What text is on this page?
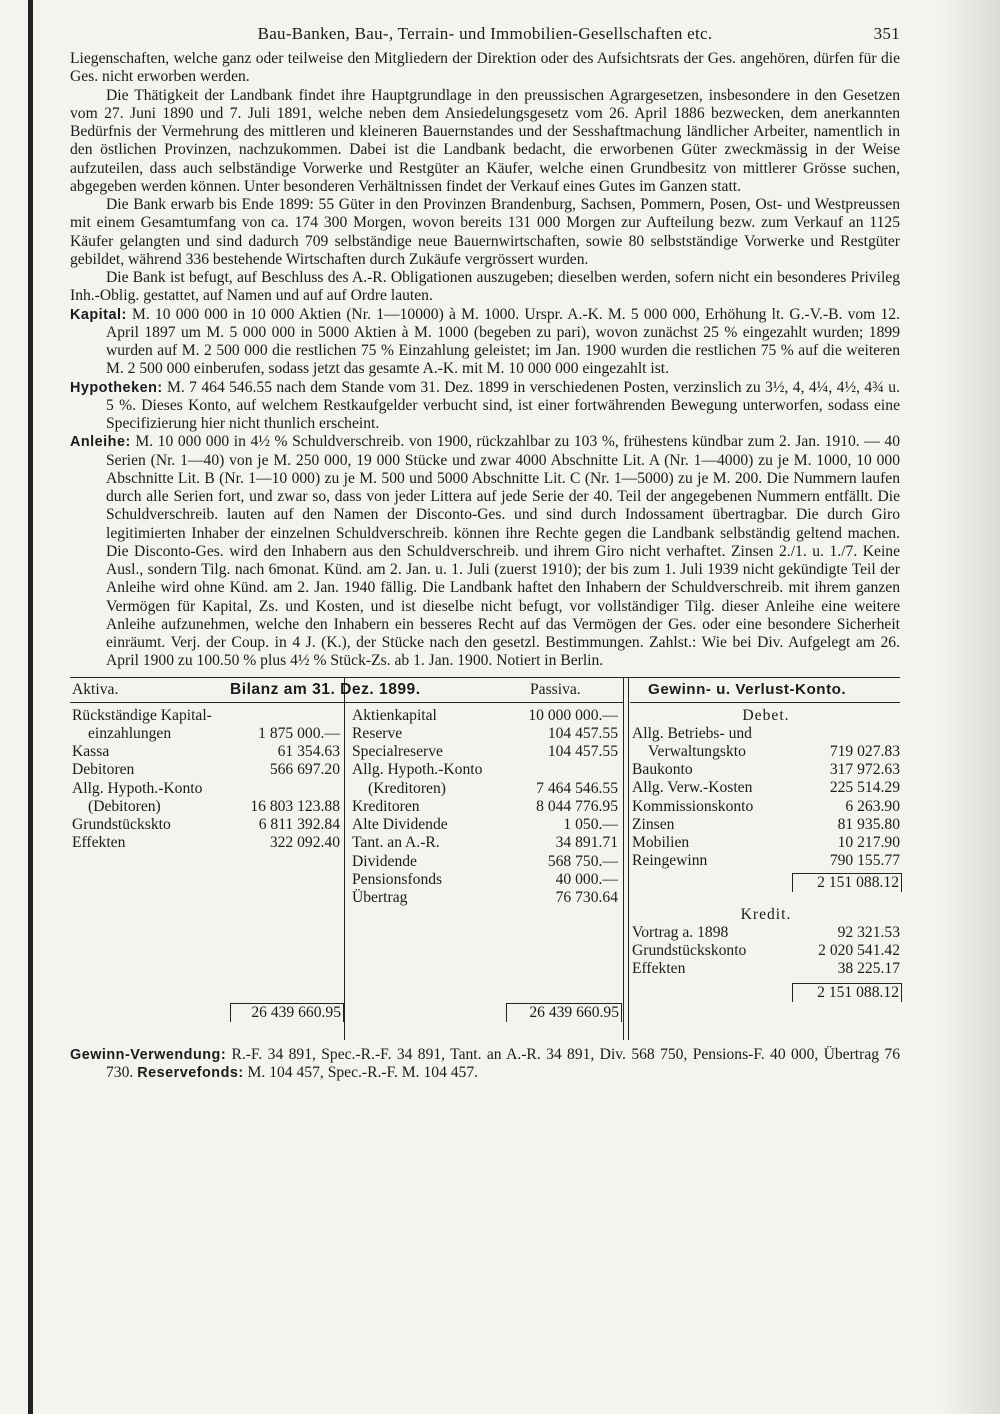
Bau-Banken, Bau-, Terrain- und Immobilien-Gesellschaften etc.	351

Liegenschaften, welche ganz oder teilweise den Mitgliedern der Direktion oder des Aufsichtsrats der Ges. angehören, dürfen für die Ges. nicht erworben werden.

Die Thätigkeit der Landbank findet ihre Hauptgrundlage in den preussischen Agrargesetzen, insbesondere in den Gesetzen vom 27. Juni 1890 und 7. Juli 1891, welche neben dem Ansiedelungsgesetz vom 26. April 1886 bezwecken, dem anerkannten Bedürfnis der Vermehrung des mittleren und kleineren Bauernstandes und der Sesshaftmachung ländlicher Arbeiter, namentlich in den östlichen Provinzen, nachzukommen. Dabei ist die Landbank bedacht, die erworbenen Güter zweckmässig in der Weise aufzuteilen, dass auch selbständige Vorwerke und Restgüter an Käufer, welche einen Grundbesitz von mittlerer Grösse suchen, abgegeben werden können. Unter besonderen Verhältnissen findet der Verkauf eines Gutes im Ganzen statt.

Die Bank erwarb bis Ende 1899: 55 Güter in den Provinzen Brandenburg, Sachsen, Pommern, Posen, Ost- und Westpreussen mit einem Gesamtumfang von ca. 174 300 Morgen, wovon bereits 131 000 Morgen zur Aufteilung bezw. zum Verkauf an 1125 Käufer gelangten und sind dadurch 709 selbständige neue Bauernwirtschaften, sowie 80 selbstständige Vorwerke und Restgüter gebildet, während 336 bestehende Wirtschaften durch Zukäufe vergrössert wurden.

Die Bank ist befugt, auf Beschluss des A.-R. Obligationen auszugeben; dieselben werden, sofern nicht ein besonderes Privileg Inh.-Oblig. gestattet, auf Namen und auf auf Ordre lauten.

Kapital: M. 10 000 000 in 10 000 Aktien (Nr. 1—10000) à M. 1000. Urspr. A.-K. M. 5 000 000, Erhöhung lt. G.-V.-B. vom 12. April 1897 um M. 5 000 000 in 5000 Aktien à M. 1000 (begeben zu pari), wovon zunächst 25 % eingezahlt wurden; 1899 wurden auf M. 2 500 000 die restlichen 75 % Einzahlung geleistet; im Jan. 1900 wurden die restlichen 75 % auf die weiteren M. 2 500 000 einberufen, sodass jetzt das gesamte A.-K. mit M. 10 000 000 eingezahlt ist.

Hypotheken: M. 7 464 546.55 nach dem Stande vom 31. Dez. 1899 in verschiedenen Posten, verzinslich zu 3½, 4, 4¼, 4½, 4¾ u. 5 %. Dieses Konto, auf welchem Restkaufgelder verbucht sind, ist einer fortwährenden Bewegung unterworfen, sodass eine Specifizierung hier nicht thunlich erscheint.

Anleihe: M. 10 000 000 in 4½ % Schuldverschreib. von 1900, rückzahlbar zu 103 %, frühestens kündbar zum 2. Jan. 1910. — 40 Serien (Nr. 1—40) von je M. 250 000, 19 000 Stücke und zwar 4000 Abschnitte Lit. A (Nr. 1—4000) zu je M. 1000, 10 000 Abschnitte Lit. B (Nr. 1—10 000) zu je M. 500 und 5000 Abschnitte Lit. C (Nr. 1—5000) zu je M. 200. Die Nummern laufen durch alle Serien fort, und zwar so, dass von jeder Littera auf jede Serie der 40. Teil der angegebenen Nummern entfällt. Die Schuldverschreib. lauten auf den Namen der Disconto-Ges. und sind durch Indossament übertragbar. Die durch Giro legitimierten Inhaber der einzelnen Schuldverschreib. können ihre Rechte gegen die Landbank selbständig geltend machen. Die Disconto-Ges. wird den Inhabern aus den Schuldverschreib. und ihrem Giro nicht verhaftet. Zinsen 2./1. u. 1./7. Keine Ausl., sondern Tilg. nach 6monat. Künd. am 2. Jan. u. 1. Juli (zuerst 1910); der bis zum 1. Juli 1939 nicht gekündigte Teil der Anleihe wird ohne Künd. am 2. Jan. 1940 fällig. Die Landbank haftet den Inhabern der Schuldverschreib. mit ihrem ganzen Vermögen für Kapital, Zs. und Kosten, und ist dieselbe nicht befugt, vor vollständiger Tilg. dieser Anleihe eine weitere Anleihe aufzunehmen, welche den Inhabern ein besseres Recht auf das Vermögen der Ges. oder eine besondere Sicherheit einräumt. Verj. der Coup. in 4 J. (K.), der Stücke nach den gesetzl. Bestimmungen. Zahlst.: Wie bei Div. Aufgelegt am 26. April 1900 zu 100.50 % plus 4½ % Stück-Zs. ab 1. Jan. 1900. Notiert in Berlin.

Aktiva.	Bilanz am 31. Dez. 1899.	Passiva.	Gewinn- u. Verlust-Konto.
Rückständige Kapital-
einzahlungen	1 875 000.—
Kassa	61 354.63
Debitoren	566 697.20
Allg. Hypoth.-Konto
(Debitoren)	16 803 123.88
Grundstückskto	6 811 392.84
Effekten	322 092.40
Aktienkapital	10 000 000.—
Reserve	104 457.55
Specialreserve	104 457.55
Allg. Hypoth.-Konto
(Kreditoren)	7 464 546.55
Kreditoren	8 044 776.95
Alte Dividende	1 050.—
Tant. an A.-R.	34 891.71
Dividende	568 750.—
Pensionsfonds	40 000.—
Übertrag	76 730.64
26 439 660.95	26 439 660.95
Debet.
Allg. Betriebs- und
Verwaltungskto	719 027.83
Baukonto	317 972.63
Allg. Verw.-Kosten	225 514.29
Kommissionskonto	6 263.90
Zinsen	81 935.80
Mobilien	10 217.90
Reingewinn	790 155.77
2 151 088.12
Kredit.
Vortrag a. 1898	92 321.53
Grundstückskonto	2 020 541.42
Effekten	38 225.17
2 151 088.12

Gewinn-Verwendung: R.-F. 34 891, Spec.-R.-F. 34 891, Tant. an A.-R. 34 891, Div. 568 750, Pensions-F. 40 000, Übertrag 76 730. Reservefonds: M. 104 457, Spec.-R.-F. M. 104 457.
